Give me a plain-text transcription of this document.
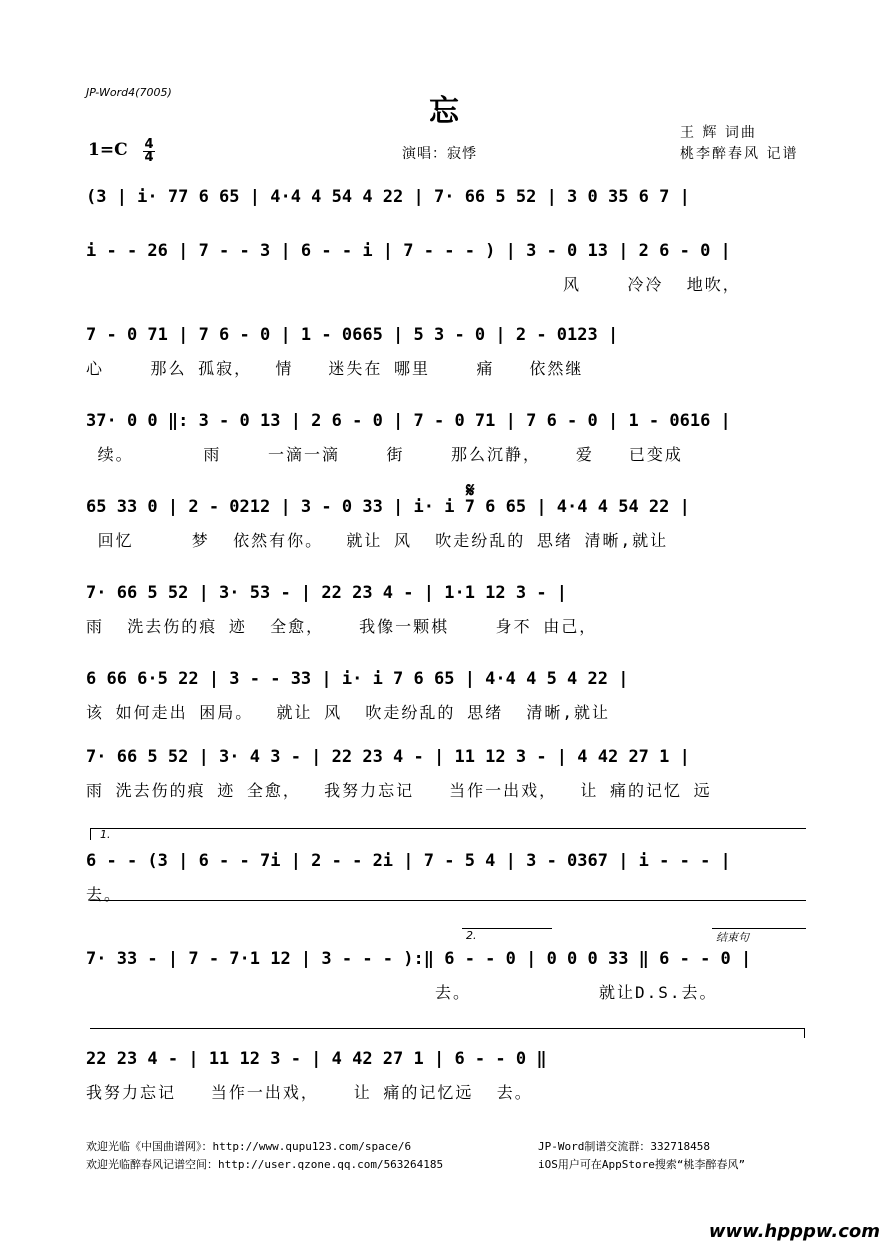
JP-Word4(7005)
忘
王 辉 词曲
桃李醉春风 记谱
演唱：寂悸
1=C 4
4
(3 | i· 77 6 65 | 4·4 4 54 4 22 | 7· 66 5 52 | 3 0 35 6 7 |
i - - 26 | 7 - - 3 | 6 - - i | 7 - - - ) | 3 - 0 13 | 2 6 - 0 |
风    冷冷  地吹，
7 - 0 71 | 7 6 - 0 | 1 - 0665 | 5 3 - 0 | 2 - 0123 |
心    那么 孤寂，  情   迷失在 哪里    痛   依然继
37· 0 0 ‖: 3 - 0 13 | 2 6 - 0 | 7 - 0 71 | 7 6 - 0 | 1 - 0616 |
续。      雨    一滴一滴    街    那么沉静，   爱   已变成
𝄋
65 33 0 | 2 - 0212 | 3 - 0 33 | i· i 7 6 65 | 4·4 4 54 22 |
回忆     梦  依然有你。  就让 风  吹走纷乱的 思绪 清晰,就让
7· 66 5 52 | 3· 53 - | 22 23 4 - | 1·1 12 3 - |
雨  洗去伤的痕 迹  全愈，   我像一颗棋    身不 由己，
6 66 6·5 22 | 3 - - 33 | i· i 7 6 65 | 4·4 4 5 4 22 |
该 如何走出 困局。  就让 风  吹走纷乱的 思绪  清晰,就让
7· 66 5 52 | 3· 4 3 - | 22 23 4 - | 11 12 3 - | 4 42 27 1 |
雨 洗去伤的痕 迹 全愈，  我努力忘记   当作一出戏，  让 痛的记忆 远
1.
6 - - (3 | 6 - - 7i | 2 - - 2i | 7 - 5 4 | 3 - 0367 | i - - - |
去。
2.	结束句
7· 33 - | 7 - 7·1 12 | 3 - - - ):‖ 6 - - 0 | 0 0 0 33 ‖ 6 - - 0 |
去。           就让D.S.去。
22 23 4 - | 11 12 3 - | 4 42 27 1 | 6 - - 0 ‖
我努力忘记   当作一出戏，   让 痛的记忆远  去。
欢迎光临《中国曲谱网》：http://www.qupu123.com/space/6
欢迎光临醉春风记谱空间：http://user.qzone.qq.com/563264185
JP-Word制谱交流群：332718458
iOS用户可在AppStore搜索“桃李醉春风”
www.hpppw.com
